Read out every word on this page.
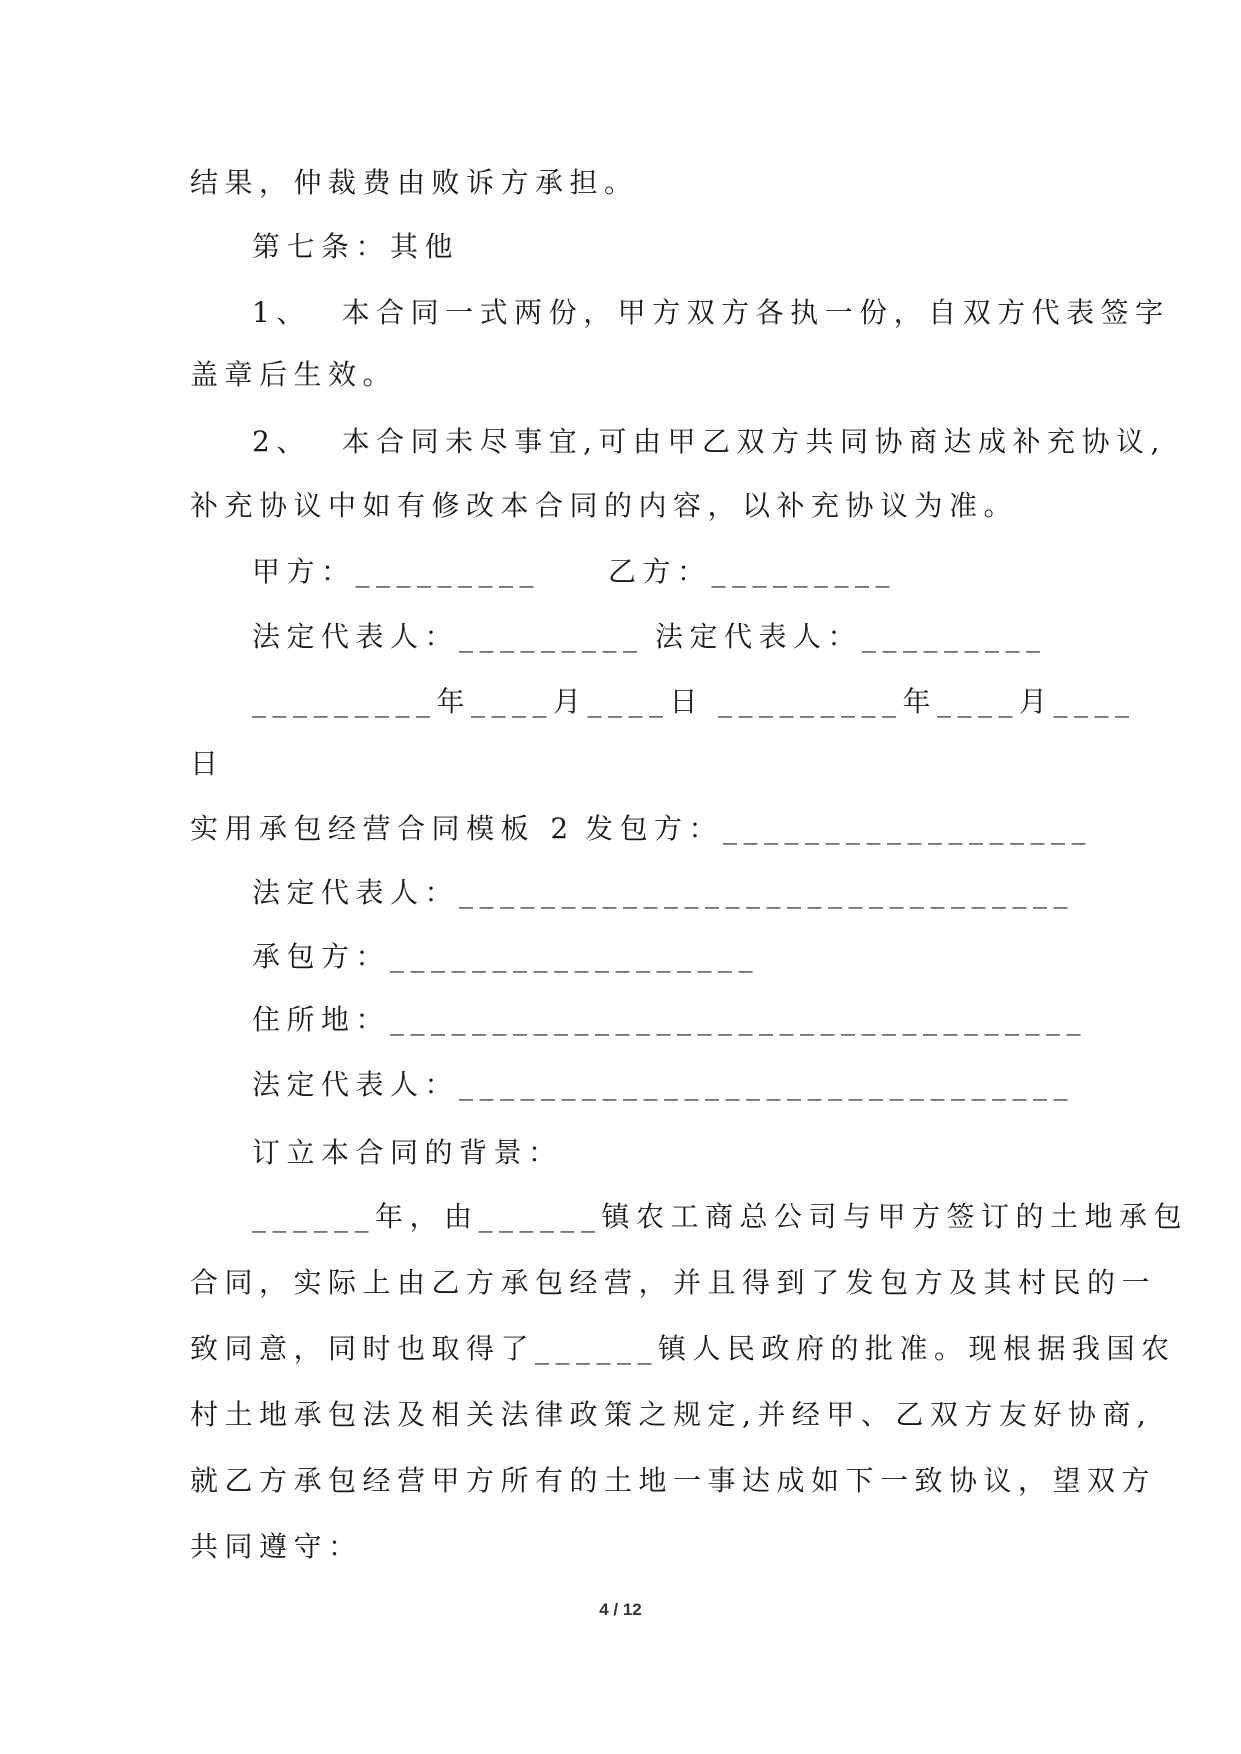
结果，仲裁费由败诉方承担。
第七条：其他
1、  本合同一式两份，甲方双方各执一份，自双方代表签字
盖章后生效。
2、  本合同未尽事宜,可由甲乙双方共同协商达成补充协议,
补充协议中如有修改本合同的内容，以补充协议为准。
甲方：_________ 乙方：_________
法定代表人：_________ 法定代表人：_________
_________年____月____日 _________年____月____
日
实用承包经营合同模板 2 发包方：__________________
法定代表人：______________________________
承包方：__________________
住所地：__________________________________
法定代表人：______________________________
订立本合同的背景：
______年，由______镇农工商总公司与甲方签订的土地承包
合同，实际上由乙方承包经营，并且得到了发包方及其村民的一
致同意，同时也取得了______镇人民政府的批准。现根据我国农
村土地承包法及相关法律政策之规定,并经甲、乙双方友好协商,
就乙方承包经营甲方所有的土地一事达成如下一致协议，望双方
共同遵守：
4 / 12
